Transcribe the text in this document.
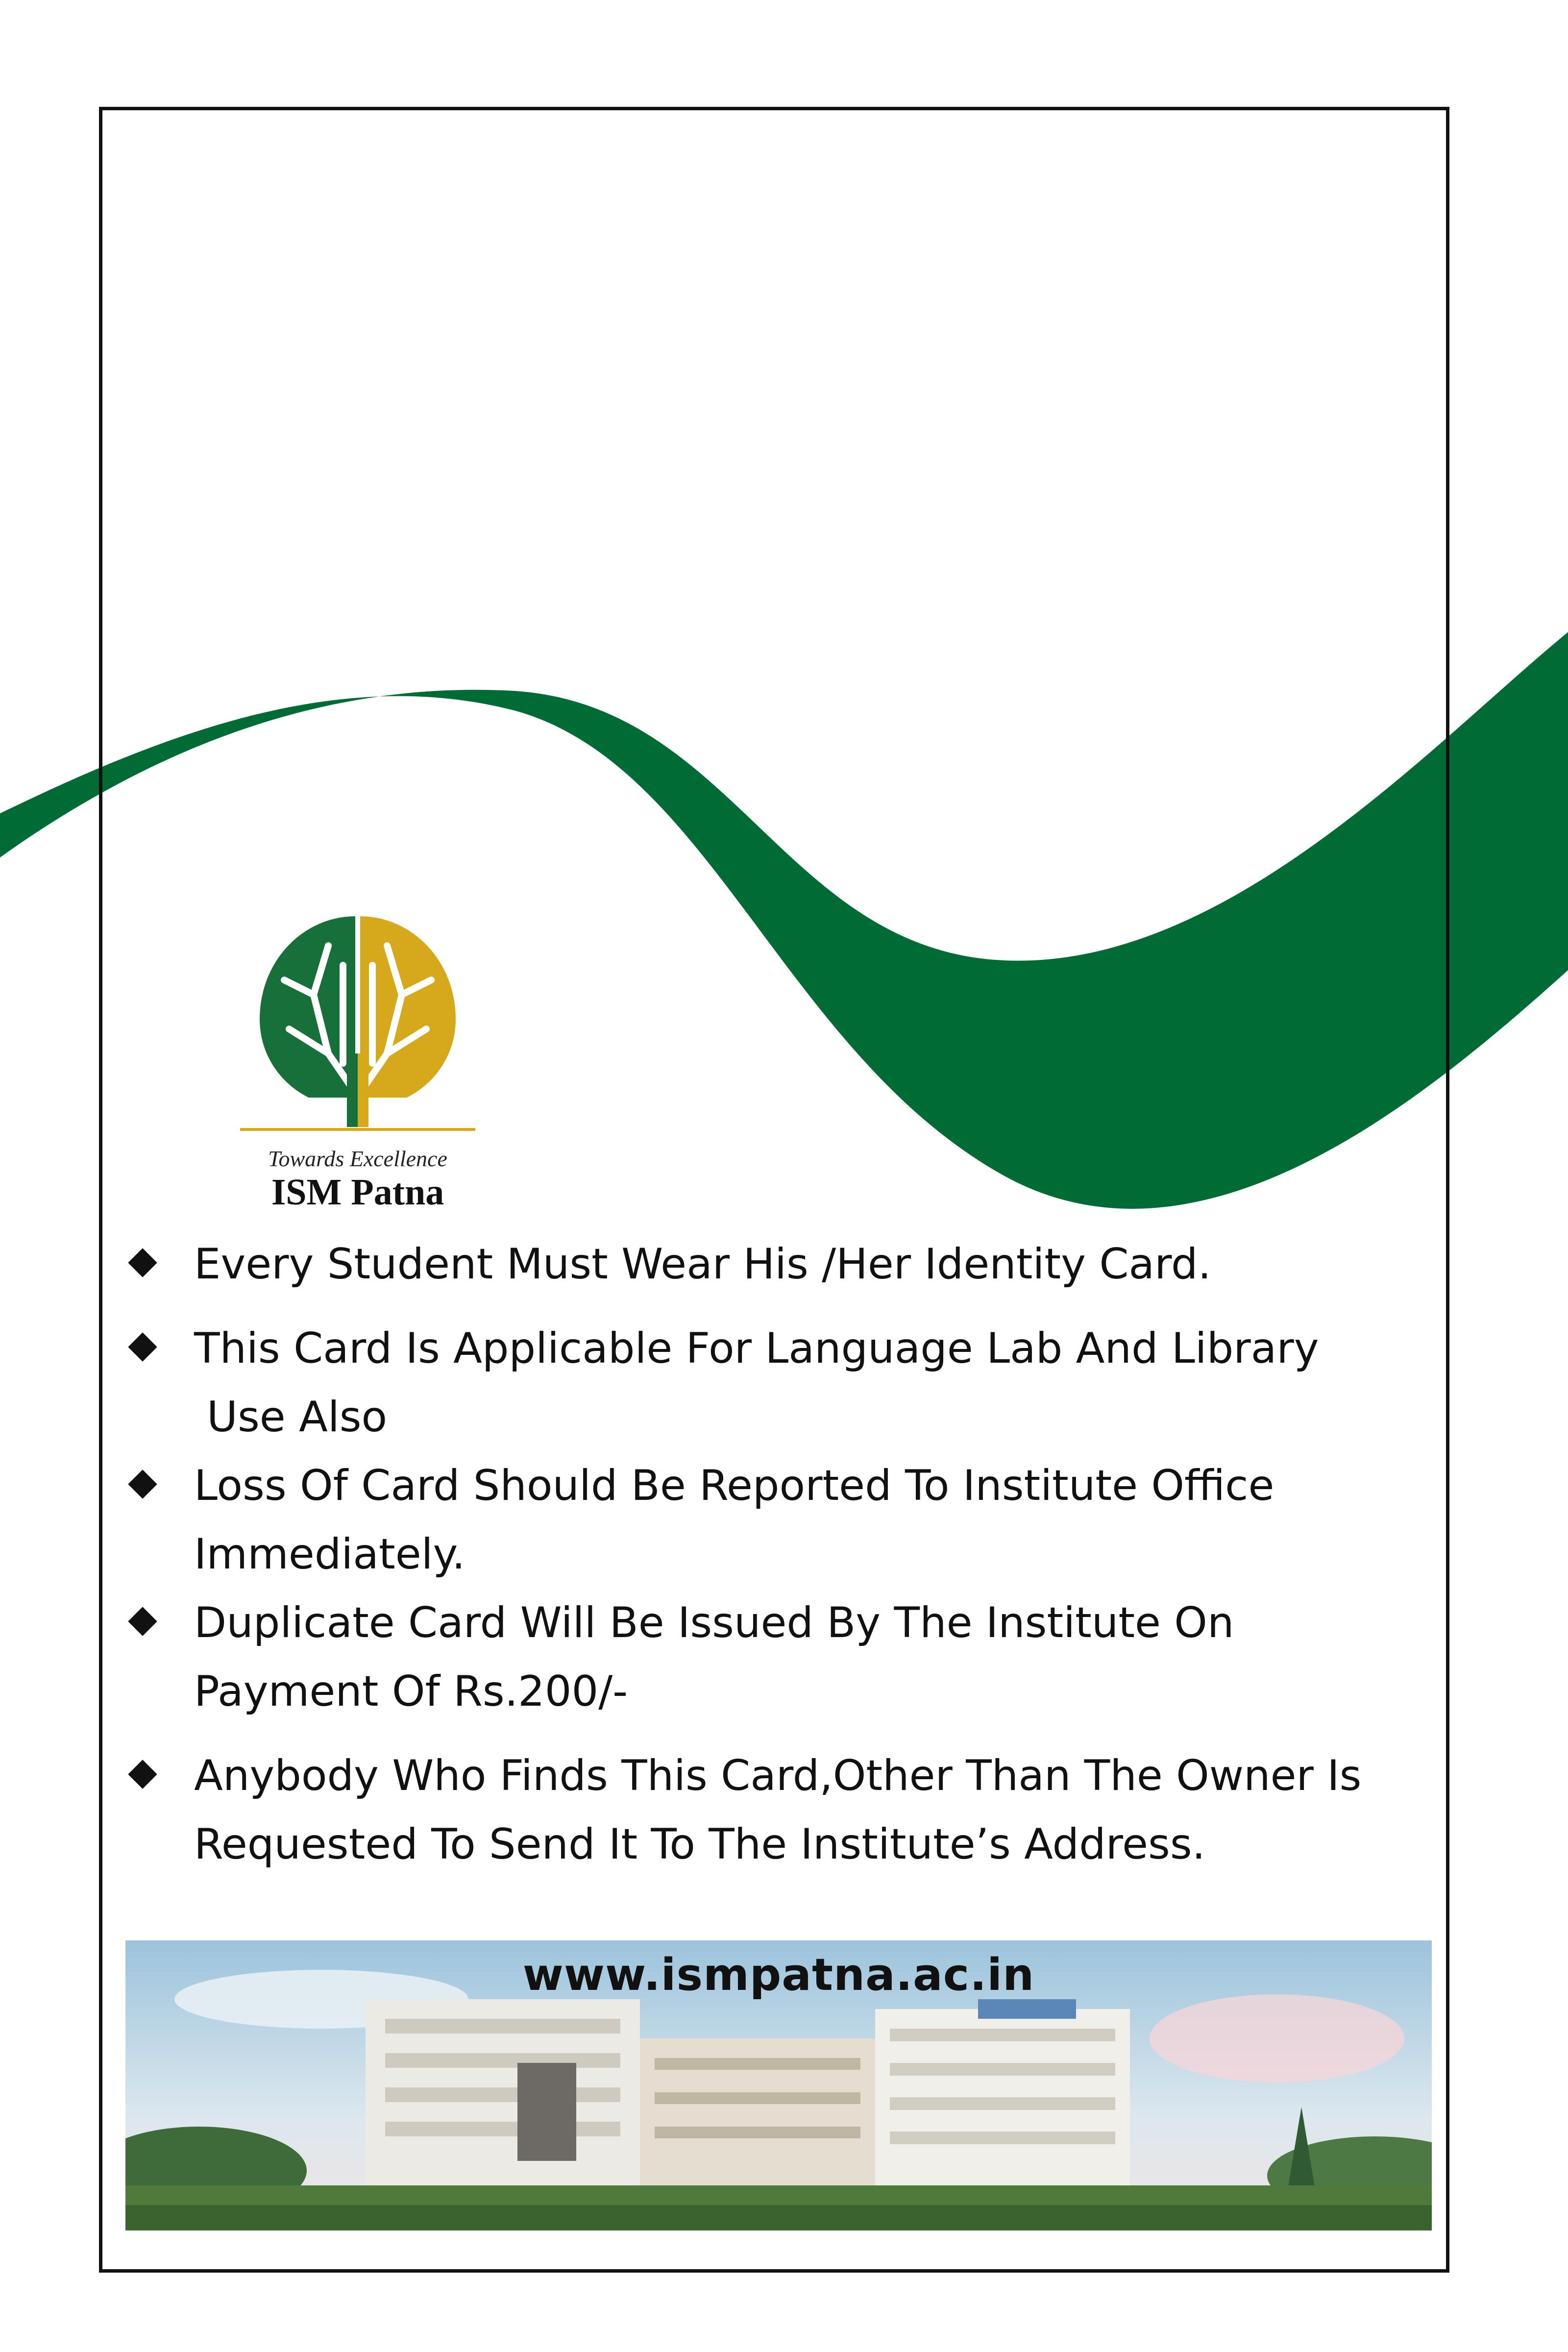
Towards Excellence
ISM Patna
Every Student Must Wear His /Her Identity Card.
This Card Is Applicable For Language Lab And Library
Use Also
Loss Of Card Should Be Reported To Institute Office
Immediately.
Duplicate Card Will Be Issued By The Institute On
Payment Of Rs.200/-
Anybody Who Finds This Card,Other Than The Owner Is
Requested To Send It To The Institute’s Address.
www.ismpatna.ac.in
